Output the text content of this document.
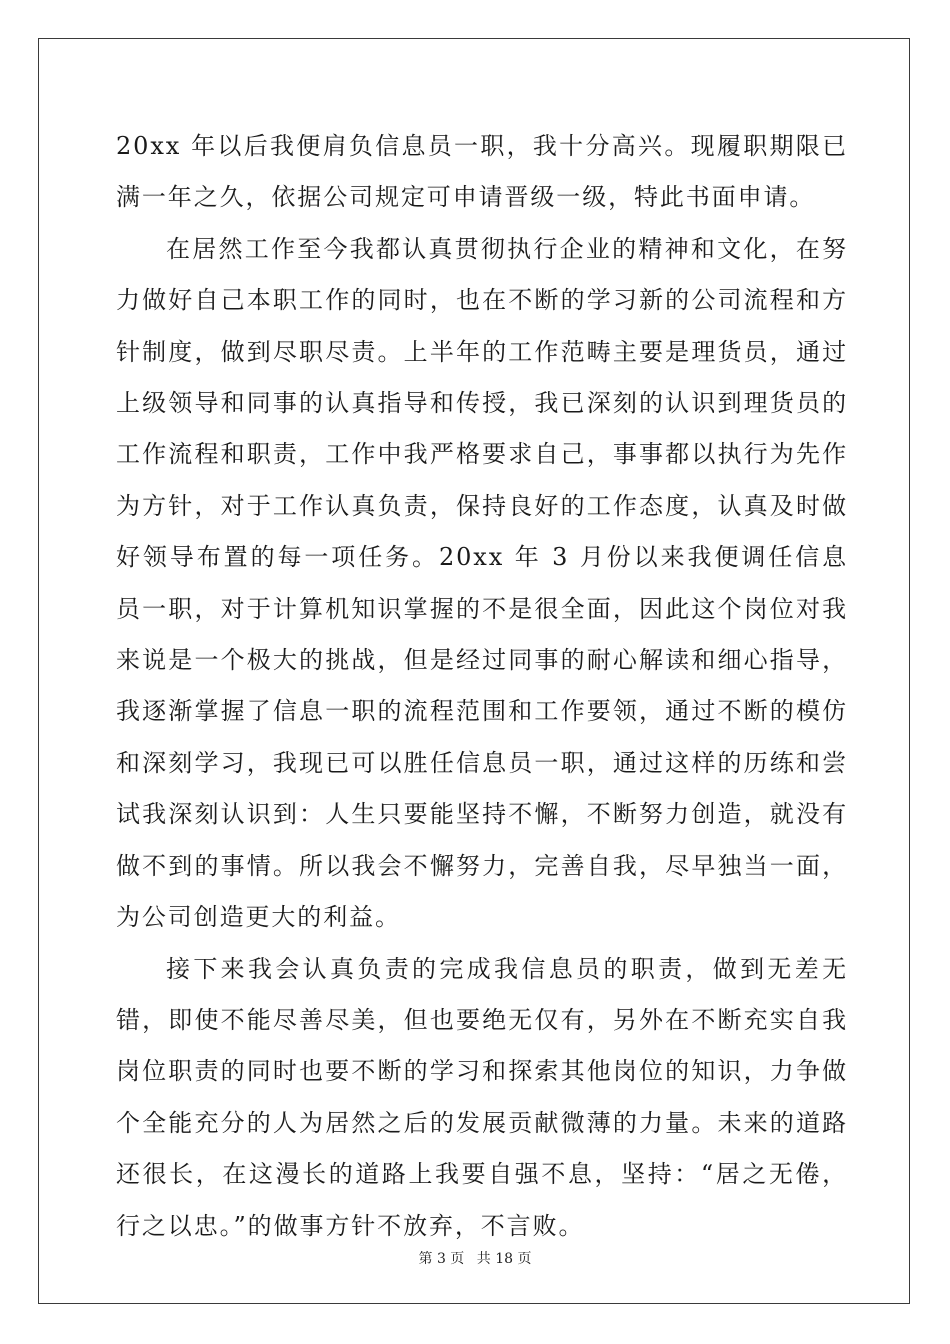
20xx 年以后我便肩负信息员一职，我十分高兴。现履职期限已满一年之久，依据公司规定可申请晋级一级，特此书面申请。

在居然工作至今我都认真贯彻执行企业的精神和文化，在努力做好自己本职工作的同时，也在不断的学习新的公司流程和方针制度，做到尽职尽责。上半年的工作范畴主要是理货员，通过上级领导和同事的认真指导和传授，我已深刻的认识到理货员的工作流程和职责，工作中我严格要求自己，事事都以执行为先作为方针，对于工作认真负责，保持良好的工作态度，认真及时做好领导布置的每一项任务。20xx 年 3 月份以来我便调任信息员一职，对于计算机知识掌握的不是很全面，因此这个岗位对我来说是一个极大的挑战，但是经过同事的耐心解读和细心指导，我逐渐掌握了信息一职的流程范围和工作要领，通过不断的模仿和深刻学习，我现已可以胜任信息员一职，通过这样的历练和尝试我深刻认识到：人生只要能坚持不懈，不断努力创造，就没有做不到的事情。所以我会不懈努力，完善自我，尽早独当一面，为公司创造更大的利益。

接下来我会认真负责的完成我信息员的职责，做到无差无错，即使不能尽善尽美，但也要绝无仅有，另外在不断充实自我岗位职责的同时也要不断的学习和探索其他岗位的知识，力争做个全能充分的人为居然之后的发展贡献微薄的力量。未来的道路还很长，在这漫长的道路上我要自强不息，坚持：“居之无倦，行之以忠。”的做事方针不放弃，不言败。

第 3 页 共 18 页
